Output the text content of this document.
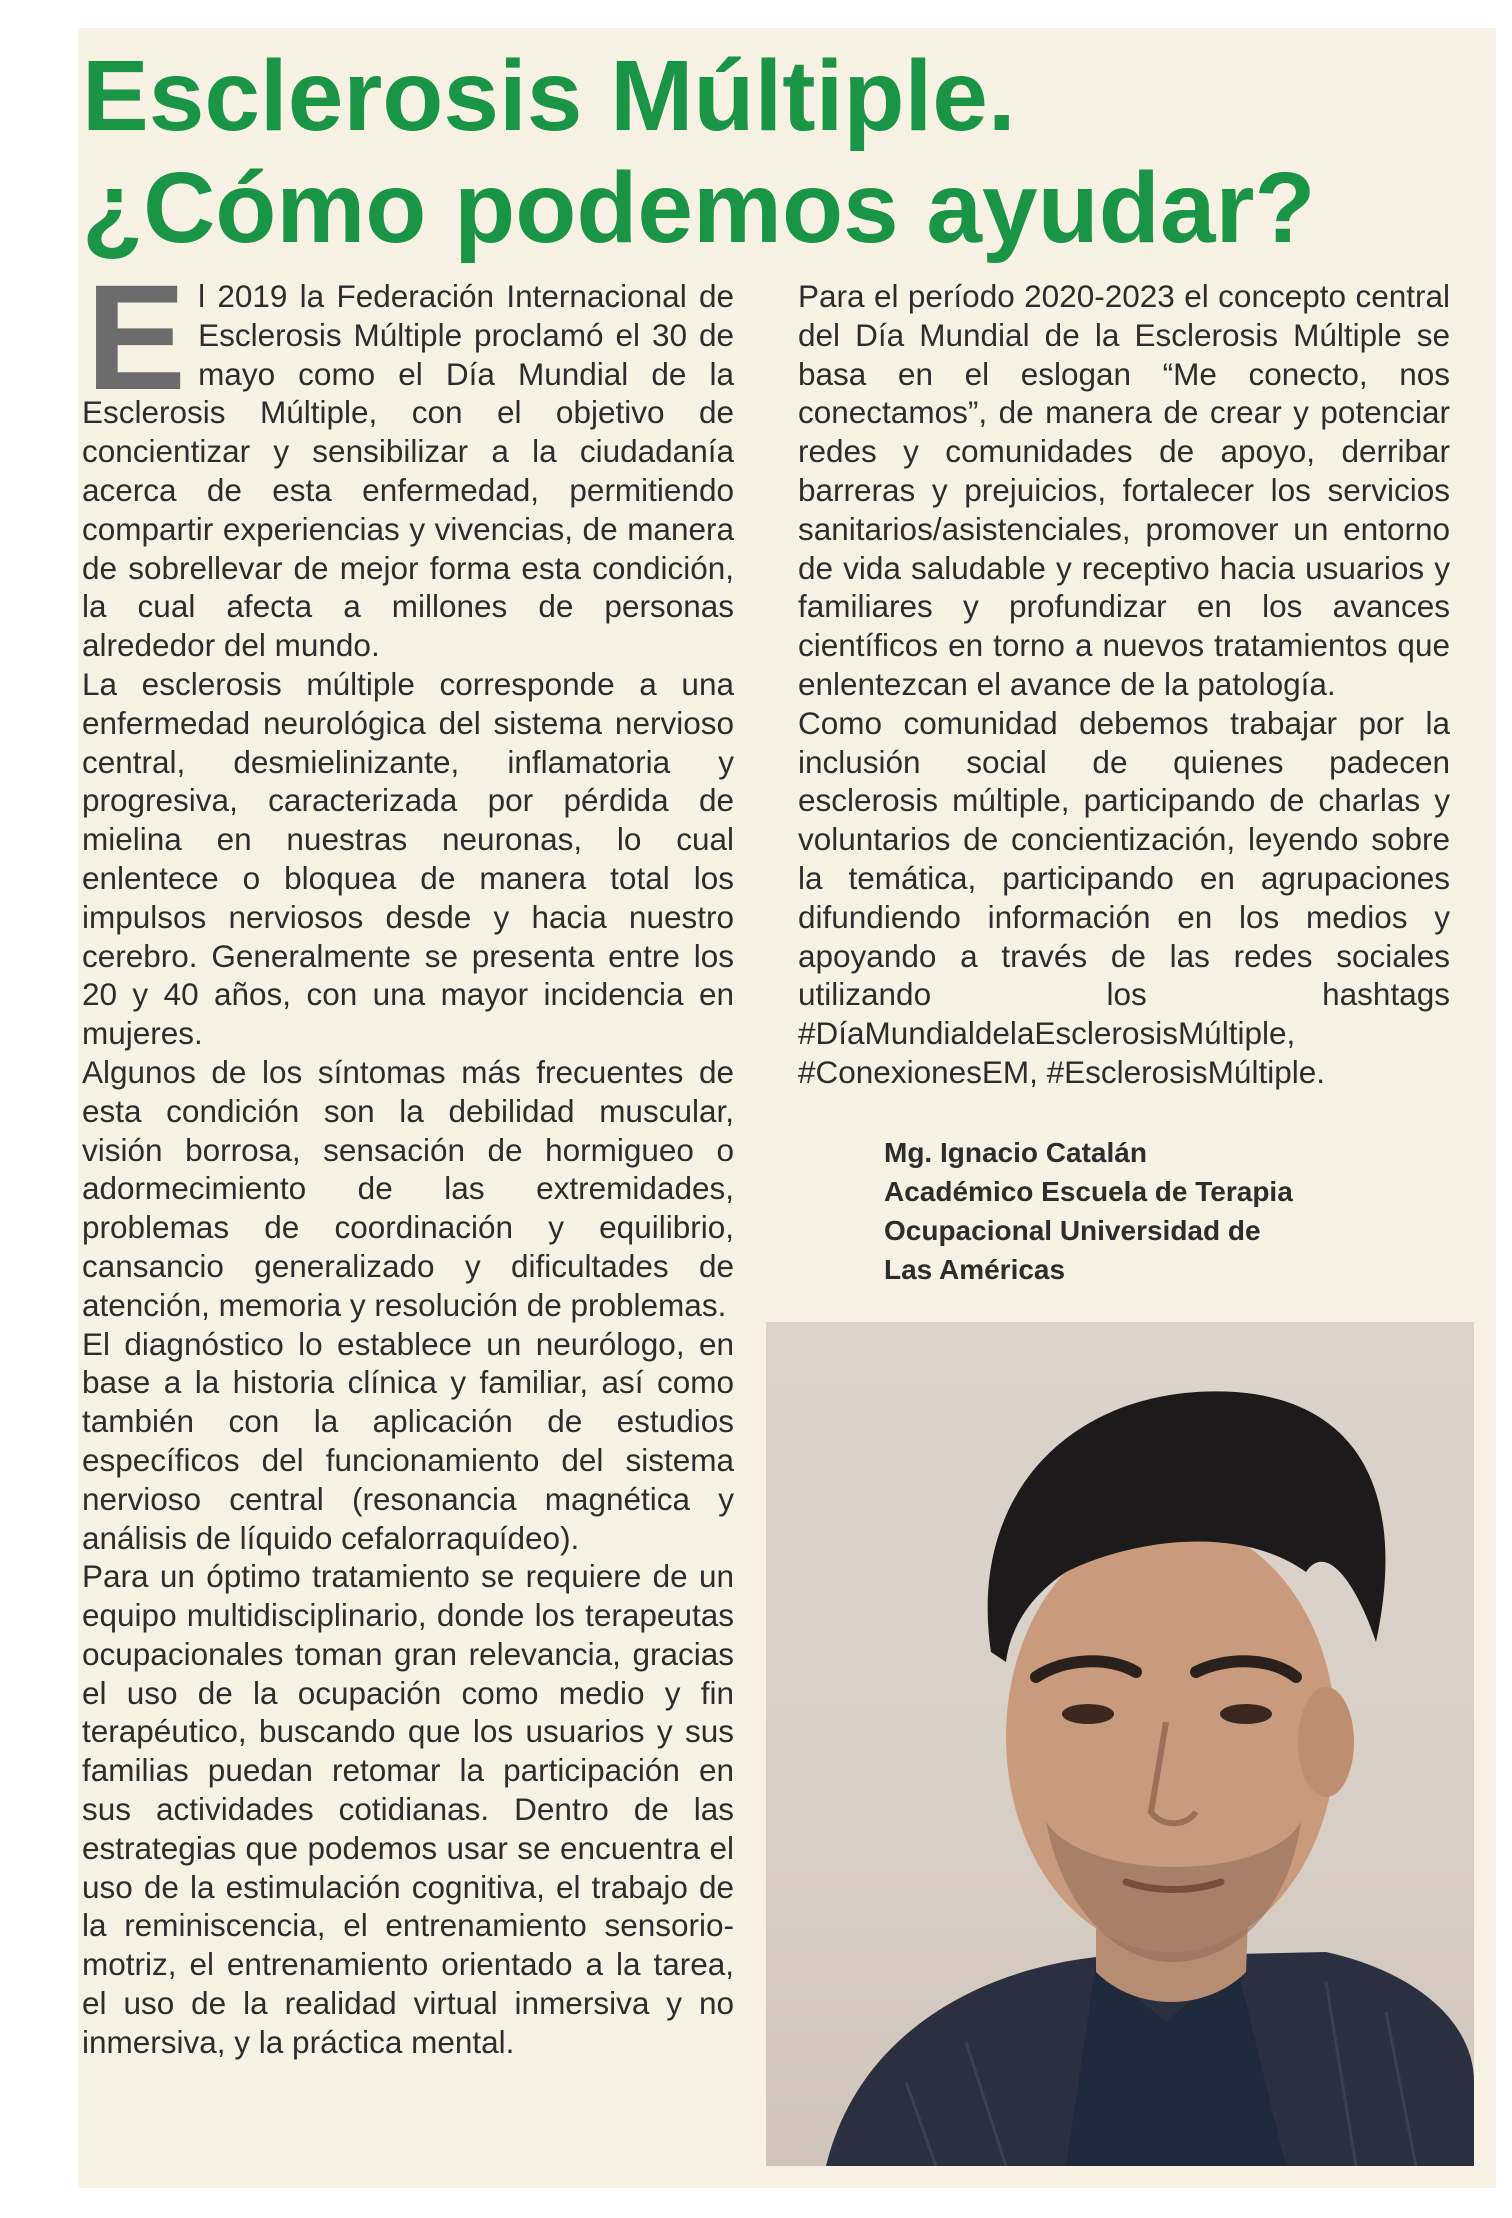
Esclerosis Múltiple.
¿Cómo podemos ayudar?
E l 2019 la Federación Internacional de Esclerosis Múltiple proclamó el 30 de mayo como el Día Mundial de la Esclerosis Múltiple, con el objetivo de concientizar y sensibilizar a la ciudadanía acerca de esta enfermedad, permitiendo compartir experiencias y vivencias, de manera de sobrellevar de mejor forma esta condición, la cual afecta a millones de personas alrededor del mundo.

La esclerosis múltiple corresponde a una enfermedad neurológica del sistema nervioso central, desmielinizante, inflamatoria y progresiva, caracterizada por pérdida de mielina en nuestras neuronas, lo cual enlentece o bloquea de manera total los impulsos nerviosos desde y hacia nuestro cerebro. Generalmente se presenta entre los 20 y 40 años, con una mayor incidencia en mujeres.

Algunos de los síntomas más frecuentes de esta condición son la debilidad muscular, visión borrosa, sensación de hormigueo o adormecimiento de las extremidades, problemas de coordinación y equilibrio, cansancio generalizado y dificultades de atención, memoria y resolución de problemas.

El diagnóstico lo establece un neurólogo, en base a la historia clínica y familiar, así como también con la aplicación de estudios específicos del funcionamiento del sistema nervioso central (resonancia magnética y análisis de líquido cefalorraquídeo).

Para un óptimo tratamiento se requiere de un equipo multidisciplinario, donde los terapeutas ocupacionales toman gran relevancia, gracias el uso de la ocupación como medio y fin terapéutico, buscando que los usuarios y sus familias puedan retomar la participación en sus actividades cotidianas. Dentro de las estrategias que podemos usar se encuentra el uso de la estimulación cognitiva, el trabajo de la reminiscencia, el entrenamiento sensorio-motriz, el entrenamiento orientado a la tarea, el uso de la realidad virtual inmersiva y no inmersiva, y la práctica mental.

Para el período 2020-2023 el concepto central del Día Mundial de la Esclerosis Múltiple se basa en el eslogan “Me conecto, nos conectamos”, de manera de crear y potenciar redes y comunidades de apoyo, derribar barreras y prejuicios, fortalecer los servicios sanitarios/asistenciales, promover un entorno de vida saludable y receptivo hacia usuarios y familiares y profundizar en los avances científicos en torno a nuevos tratamientos que enlentezcan el avance de la patología.

Como comunidad debemos trabajar por la inclusión social de quienes padecen esclerosis múltiple, participando de charlas y voluntarios de concientización, leyendo sobre la temática, participando en agrupaciones difundiendo información en los medios y apoyando a través de las redes sociales utilizando los hashtags #DíaMundialdelaEsclerosisMúltiple, #ConexionesEM, #EsclerosisMúltiple.

Mg. Ignacio Catalán
Académico Escuela de Terapia
Ocupacional Universidad de
Las Américas
